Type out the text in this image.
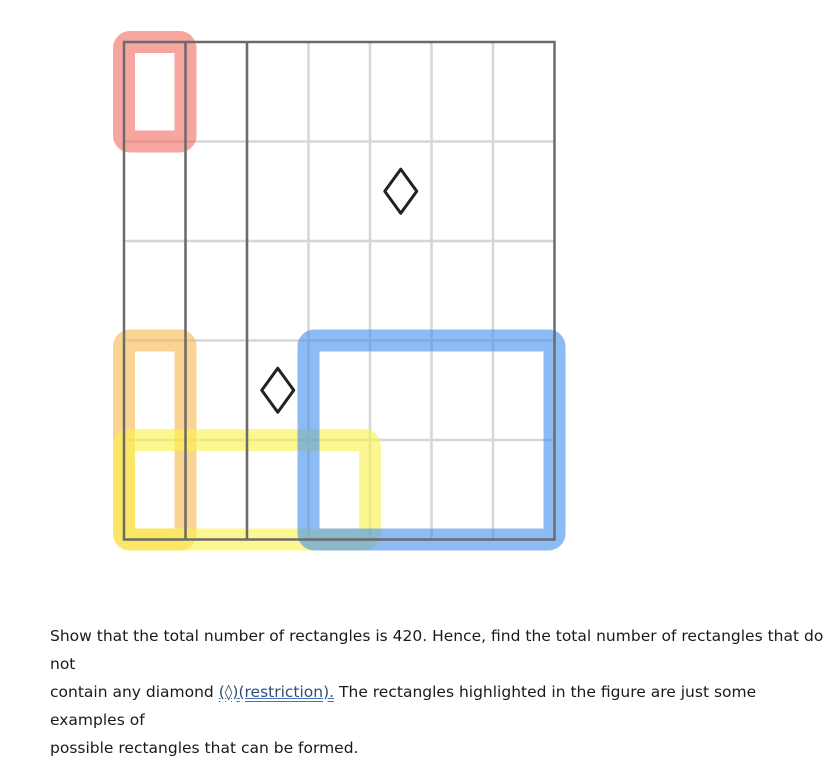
Show that the total number of rectangles is 420. Hence, find the total number of rectangles that do not

contain any diamond (◊)(restriction). The rectangles highlighted in the figure are just some examples of

possible rectangles that can be formed.
